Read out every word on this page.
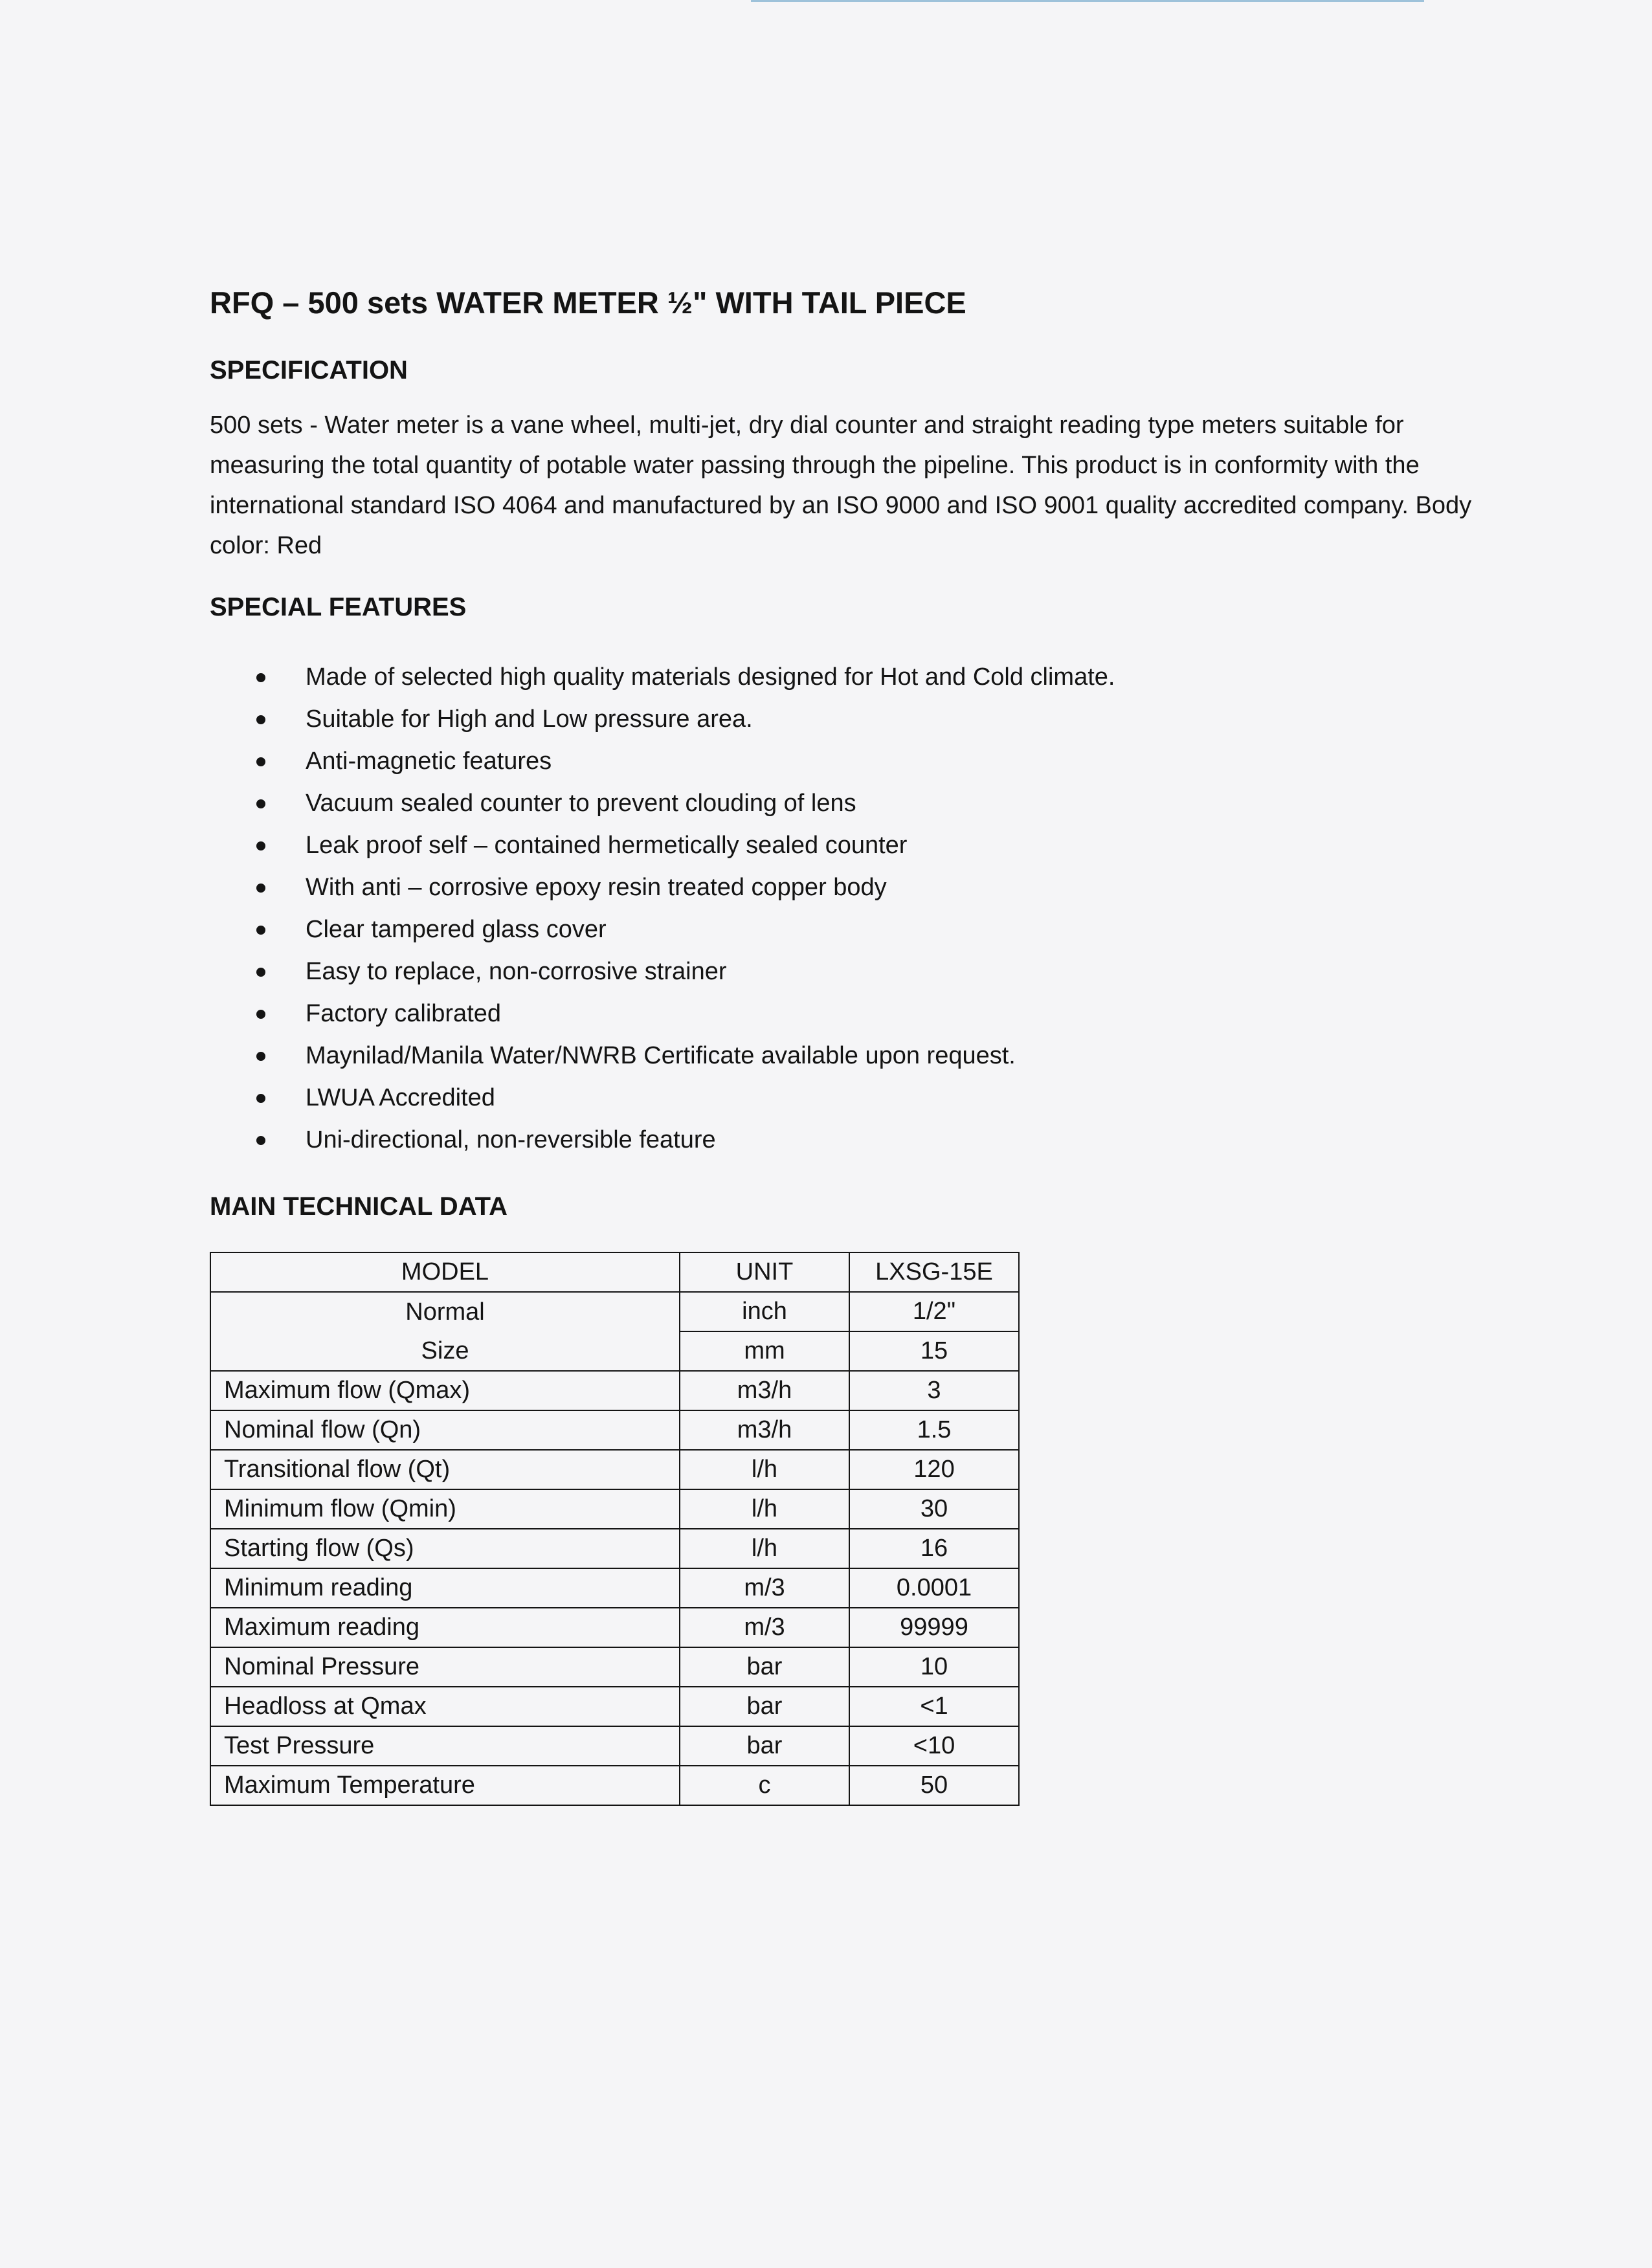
RFQ – 500 sets WATER METER ½" WITH TAIL PIECE
SPECIFICATION

500 sets - Water meter is a vane wheel, multi-jet, dry dial counter and straight reading type meters suitable for measuring the total quantity of potable water passing through the pipeline. This product is in conformity with the international standard ISO 4064 and manufactured by an ISO 9000 and ISO 9001 quality accredited company. Body color: Red

SPECIAL FEATURES
Made of selected high quality materials designed for Hot and Cold climate.
Suitable for High and Low pressure area.
Anti-magnetic features
Vacuum sealed counter to prevent clouding of lens
Leak proof self – contained hermetically sealed counter
With anti – corrosive epoxy resin treated copper body
Clear tampered glass cover
Easy to replace, non-corrosive strainer
Factory calibrated
Maynilad/Manila Water/NWRB Certificate available upon request.
LWUA Accredited
Uni-directional, non-reversible feature
MAIN TECHNICAL DATA
MODEL	UNIT	LXSG-15E
Normal	inch	1/2"
Size	mm	15
Maximum flow (Qmax)	m3/h	3
Nominal flow (Qn)	m3/h	1.5
Transitional flow (Qt)	l/h	120
Minimum flow (Qmin)	l/h	30
Starting flow (Qs)	l/h	16
Minimum reading	m/3	0.0001
Maximum reading	m/3	99999
Nominal Pressure	bar	10
Headloss at Qmax	bar	<1
Test Pressure	bar	<10
Maximum Temperature	c	50
